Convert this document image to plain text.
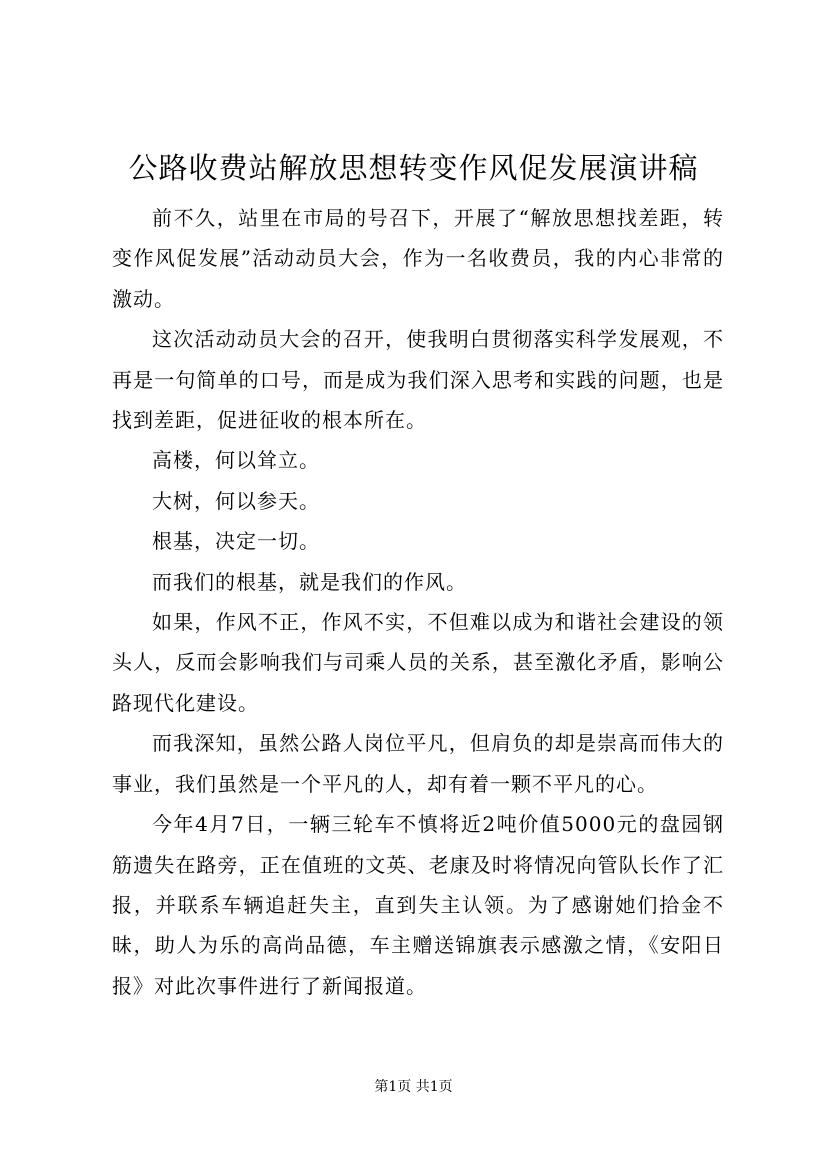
公路收费站解放思想转变作风促发展演讲稿

前不久，站里在市局的号召下，开展了“解放思想找差距，转变作风促发展”活动动员大会，作为一名收费员，我的内心非常的激动。

这次活动动员大会的召开，使我明白贯彻落实科学发展观，不再是一句简单的口号，而是成为我们深入思考和实践的问题，也是找到差距，促进征收的根本所在。

高楼，何以耸立。

大树，何以参天。

根基，决定一切。

而我们的根基，就是我们的作风。

如果，作风不正，作风不实，不但难以成为和谐社会建设的领头人，反而会影响我们与司乘人员的关系，甚至激化矛盾，影响公路现代化建设。

而我深知，虽然公路人岗位平凡，但肩负的却是崇高而伟大的事业，我们虽然是一个平凡的人，却有着一颗不平凡的心。

今年4月7日，一辆三轮车不慎将近2吨价值5000元的盘园钢筋遗失在路旁，正在值班的文英、老康及时将情况向管队长作了汇报，并联系车辆追赶失主，直到失主认领。为了感谢她们拾金不昧，助人为乐的高尚品德，车主赠送锦旗表示感激之情，《安阳日报》对此次事件进行了新闻报道。

第1页 共1页
